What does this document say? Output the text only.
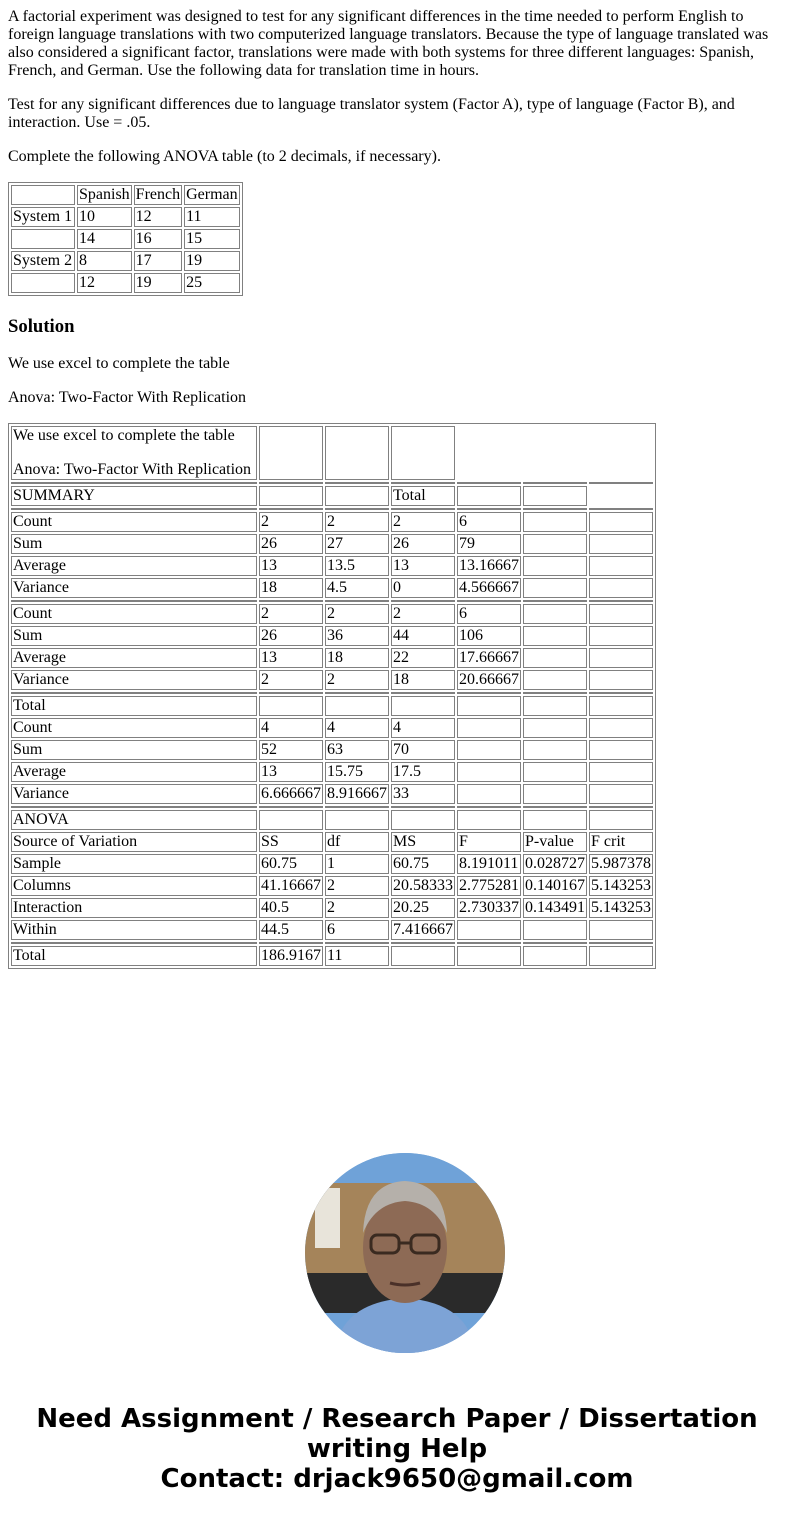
A factorial experiment was designed to test for any significant differences in the time needed to perform English to foreign language translations with two computerized language translators. Because the type of language translated was also considered a significant factor, translations were made with both systems for three different languages: Spanish, French, and German. Use the following data for translation time in hours.

Test for any significant differences due to language translator system (Factor A), type of language (Factor B), and interaction. Use = .05.

Complete the following ANOVA table (to 2 decimals, if necessary).

	Spanish	French	German
System 1	10	12	11
	14	16	15
System 2	8	17	19
	12	19	25
Solution

We use excel to complete the table

Anova: Two-Factor With Replication

We use excel to complete the table
Anova: Two-Factor With Replication						

SUMMARY			Total			

Count	2	2	2	6		
Sum	26	27	26	79		
Average	13	13.5	13	13.16667		
Variance	18	4.5	0	4.566667		

Count	2	2	2	6		
Sum	26	36	44	106		
Average	13	18	22	17.66667		
Variance	2	2	18	20.66667		

Total						
Count	4	4	4			
Sum	52	63	70			
Average	13	15.75	17.5			
Variance	6.666667	8.916667	33			

ANOVA						
Source of Variation	SS	df	MS	F	P-value	F crit
Sample	60.75	1	60.75	8.191011	0.028727	5.987378
Columns	41.16667	2	20.58333	2.775281	0.140167	5.143253
Interaction	40.5	2	20.25	2.730337	0.143491	5.143253
Within	44.5	6	7.416667			

Total	186.9167	11				
Need Assignment / Research Paper / Dissertation
writing Help
Contact: drjack9650@gmail.com
